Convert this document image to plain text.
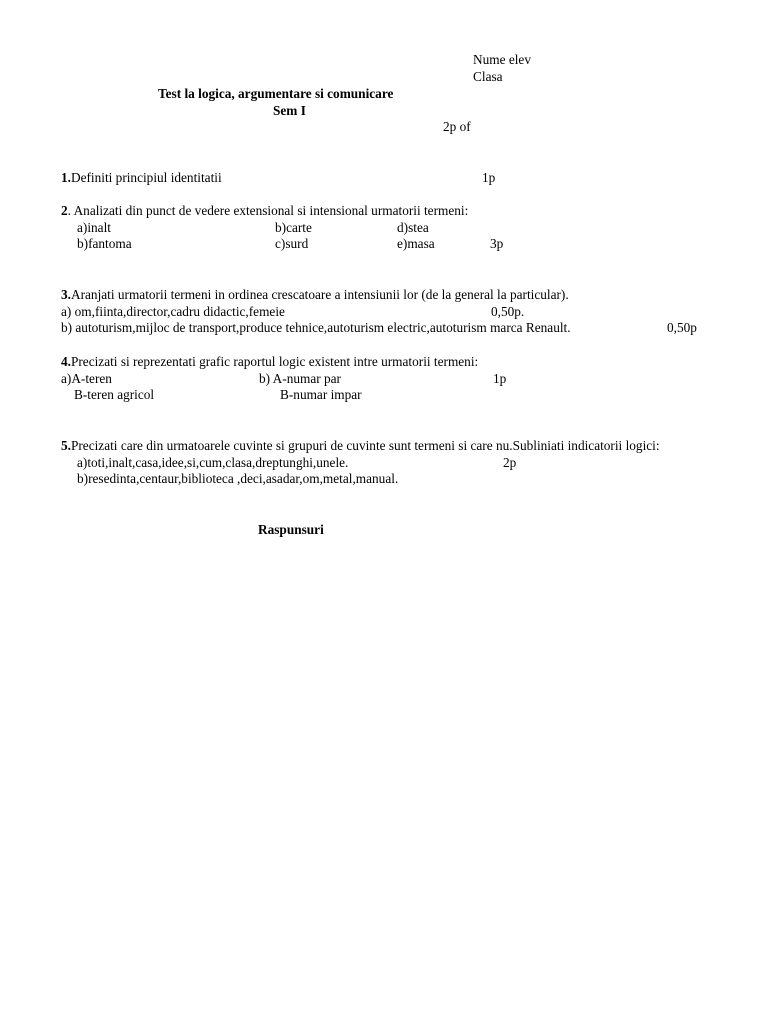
Nume elev
Clasa
Test la logica, argumentare si comunicare
Sem I
2p of
1.Definiti principiul identitatii	1p
2. Analizati din punct de vedere extensional si intensional urmatorii termeni:
a)inalt	b)carte	d)stea
b)fantoma	c)surd	e)masa	3p
3.Aranjati urmatorii termeni in ordinea crescatoare a intensiunii lor (de la general la particular).
a) om,fiinta,director,cadru didactic,femeie	0,50p.
b) autoturism,mijloc de transport,produce tehnice,autoturism electric,autoturism marca Renault.	0,50p
4.Precizati si reprezentati grafic raportul logic existent intre urmatorii termeni:
a)A-teren	b) A-numar par	1p
B-teren agricol	B-numar impar
5.Precizati care din urmatoarele cuvinte si grupuri de cuvinte sunt termeni si care nu.Subliniati indicatorii logici:
a)toti,inalt,casa,idee,si,cum,clasa,dreptunghi,unele.	2p
b)resedinta,centaur,biblioteca ,deci,asadar,om,metal,manual.
Raspunsuri
